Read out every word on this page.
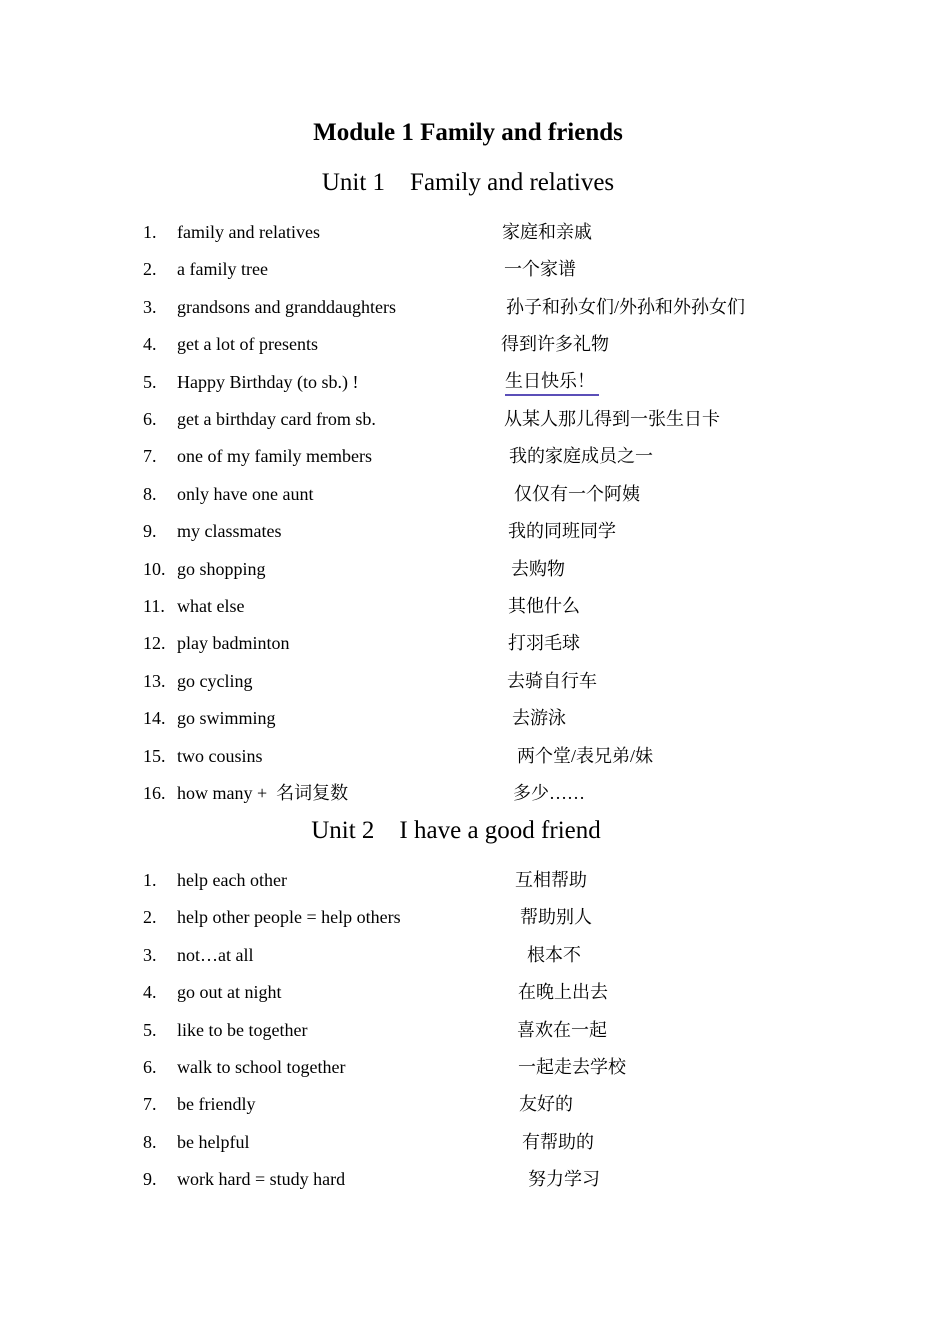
Module 1 Family and friends
Unit 1    Family and relatives
1. family and relatives	家庭和亲戚
2. a family tree	一个家谱
3. grandsons and granddaughters	孙子和孙女们/外孙和外孙女们
4. get a lot of presents	得到许多礼物
5. Happy Birthday (to sb.) !	生日快乐！
6. get a birthday card from sb.	从某人那儿得到一张生日卡
7. one of my family members	我的家庭成员之一
8. only have one aunt	仅仅有一个阿姨
9. my classmates	我的同班同学
10. go shopping	去购物
11. what else	其他什么
12. play badminton	打羽毛球
13. go cycling	去骑自行车
14. go swimming	去游泳
15. two cousins	两个堂/表兄弟/妹
16. how many +  名词复数	多少……
Unit 2    I have a good friend
1. help each other	互相帮助
2. help other people = help others	帮助别人
3. not…at all	根本不
4. go out at night	在晚上出去
5. like to be together	喜欢在一起
6. walk to school together	一起走去学校
7. be friendly	友好的
8. be helpful	有帮助的
9. work hard = study hard	努力学习
